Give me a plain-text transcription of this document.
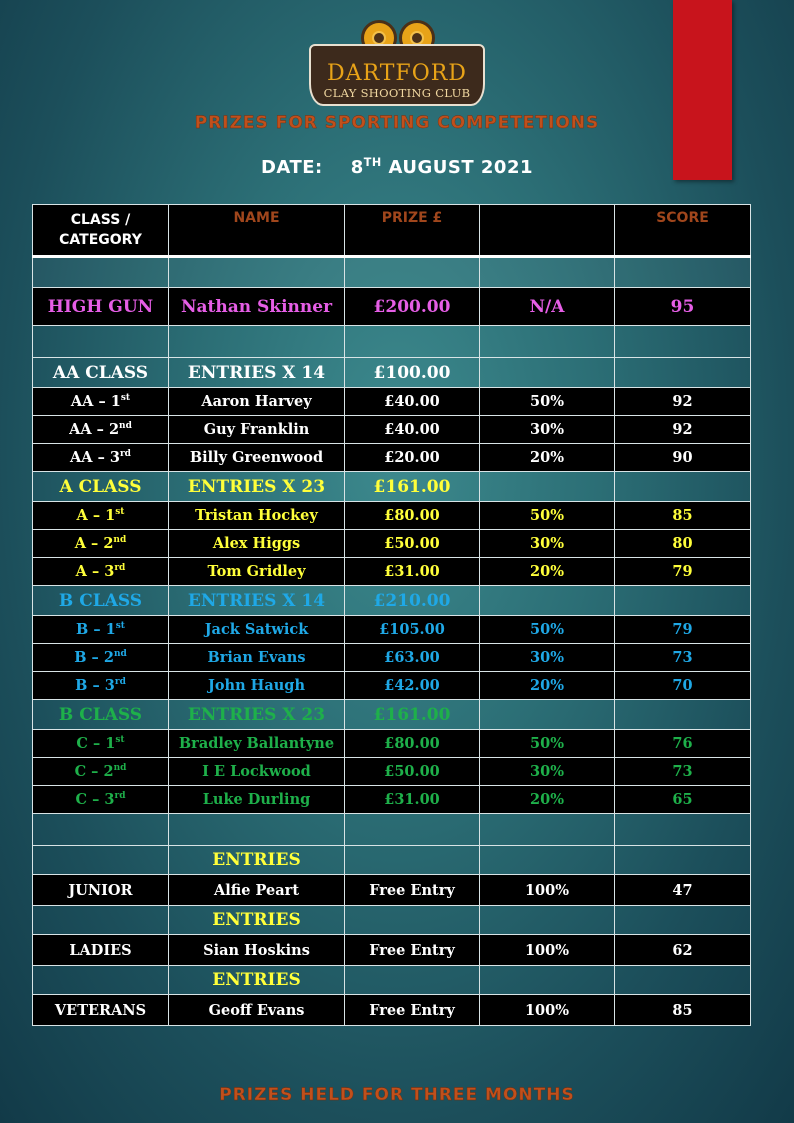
DARTFORD
CLAY SHOOTING CLUB
PRIZES FOR SPORTING COMPETETIONS
DATE: 8TH AUGUST 2021
CLASS /
CATEGORY	NAME	PRIZE £		SCORE

HIGH GUN	Nathan Skinner	£200.00	N/A	95

AA CLASS	ENTRIES X 14	£100.00		
AA – 1st	Aaron Harvey	£40.00	50%	92
AA – 2nd	Guy Franklin	£40.00	30%	92
AA – 3rd	Billy Greenwood	£20.00	20%	90
A CLASS	ENTRIES X 23	£161.00		
A – 1st	Tristan Hockey	£80.00	50%	85
A – 2nd	Alex Higgs	£50.00	30%	80
A – 3rd	Tom Gridley	£31.00	20%	79
B CLASS	ENTRIES X 14	£210.00		
B – 1st	Jack Satwick	£105.00	50%	79
B – 2nd	Brian Evans	£63.00	30%	73
B – 3rd	John Haugh	£42.00	20%	70
B CLASS	ENTRIES X 23	£161.00		
C – 1st	Bradley Ballantyne	£80.00	50%	76
C – 2nd	I E Lockwood	£50.00	30%	73
C – 3rd	Luke Durling	£31.00	20%	65

	ENTRIES			
JUNIOR	Alfie Peart	Free Entry	100%	47
	ENTRIES			
LADIES	Sian Hoskins	Free Entry	100%	62
	ENTRIES			
VETERANS	Geoff Evans	Free Entry	100%	85
PRIZES HELD FOR THREE MONTHS
